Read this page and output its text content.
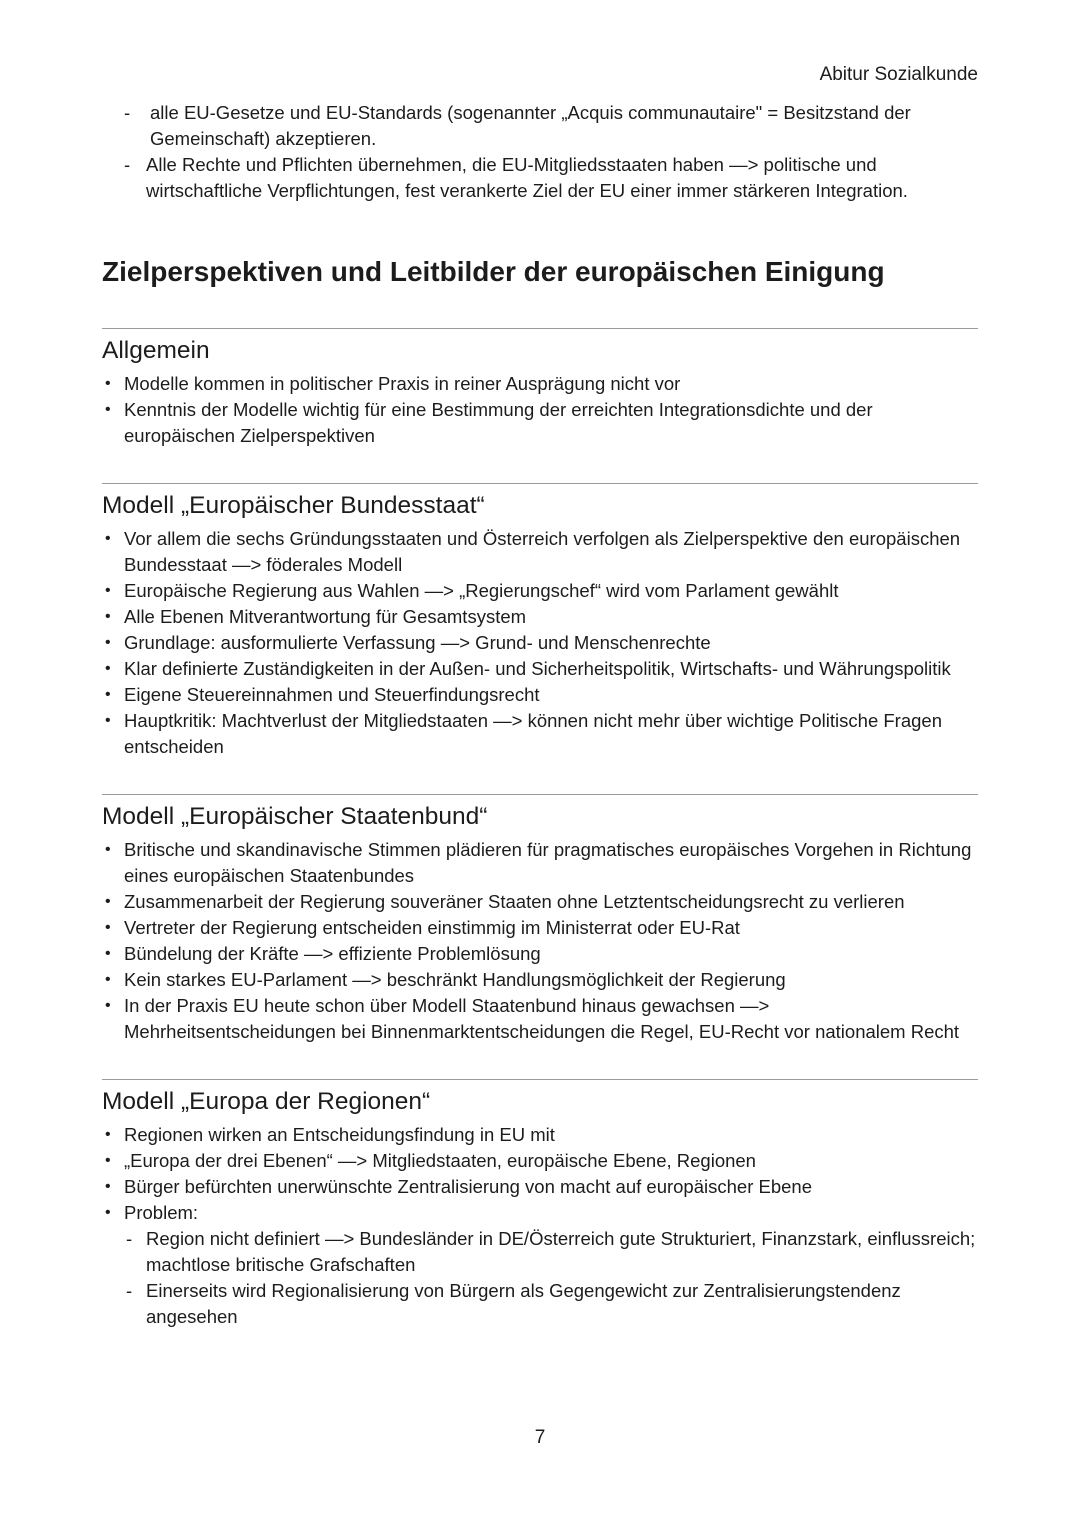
Abitur Sozialkunde
- alle EU-Gesetze und EU-Standards (sogenannter „Acquis communautaire" = Besitzstand der Gemeinschaft) akzeptieren.
- Alle Rechte und Pflichten übernehmen, die EU-Mitgliedsstaaten haben —> politische und wirtschaftliche Verpflichtungen, fest verankerte Ziel der EU einer immer stärkeren Integration.
Zielperspektiven und Leitbilder der europäischen Einigung
Allgemein
• Modelle kommen in politischer Praxis in reiner Ausprägung nicht vor
• Kenntnis der Modelle wichtig für eine Bestimmung der erreichten Integrationsdichte und der europäischen Zielperspektiven
Modell „Europäischer Bundesstaat“
• Vor allem die sechs Gründungsstaaten und Österreich verfolgen als Zielperspektive den europäischen Bundesstaat —> föderales Modell
• Europäische Regierung aus Wahlen —> „Regierungschef“ wird vom Parlament gewählt
• Alle Ebenen Mitverantwortung für Gesamtsystem
• Grundlage: ausformulierte Verfassung —> Grund- und Menschenrechte
• Klar definierte Zuständigkeiten in der Außen- und Sicherheitspolitik, Wirtschafts- und Währungspolitik
• Eigene Steuereinnahmen und Steuerfindungsrecht
• Hauptkritik: Machtverlust der Mitgliedstaaten —> können nicht mehr über wichtige Politische Fragen entscheiden
Modell „Europäischer Staatenbund“
• Britische und skandinavische Stimmen plädieren für pragmatisches europäisches Vorgehen in Richtung eines europäischen Staatenbundes
• Zusammenarbeit der Regierung souveräner Staaten ohne Letztentscheidungsrecht zu verlieren
• Vertreter der Regierung entscheiden einstimmig im Ministerrat oder EU-Rat
• Bündelung der Kräfte —> effiziente Problemlösung
• Kein starkes EU-Parlament —> beschränkt Handlungsmöglichkeit der Regierung
• In der Praxis EU heute schon über Modell Staatenbund hinaus gewachsen —> Mehrheitsentscheidungen bei Binnenmarktentscheidungen die Regel, EU-Recht vor nationalem Recht
Modell „Europa der Regionen“
• Regionen wirken an Entscheidungsfindung in EU mit
• „Europa der drei Ebenen“ —> Mitgliedstaaten, europäische Ebene, Regionen
• Bürger befürchten unerwünschte Zentralisierung von macht auf europäischer Ebene
• Problem:
- Region nicht definiert —> Bundesländer in DE/Österreich gute Strukturiert, Finanzstark, einflussreich; machtlose britische Grafschaften
- Einerseits wird Regionalisierung von Bürgern als Gegengewicht zur Zentralisierungstendenz angesehen
7
